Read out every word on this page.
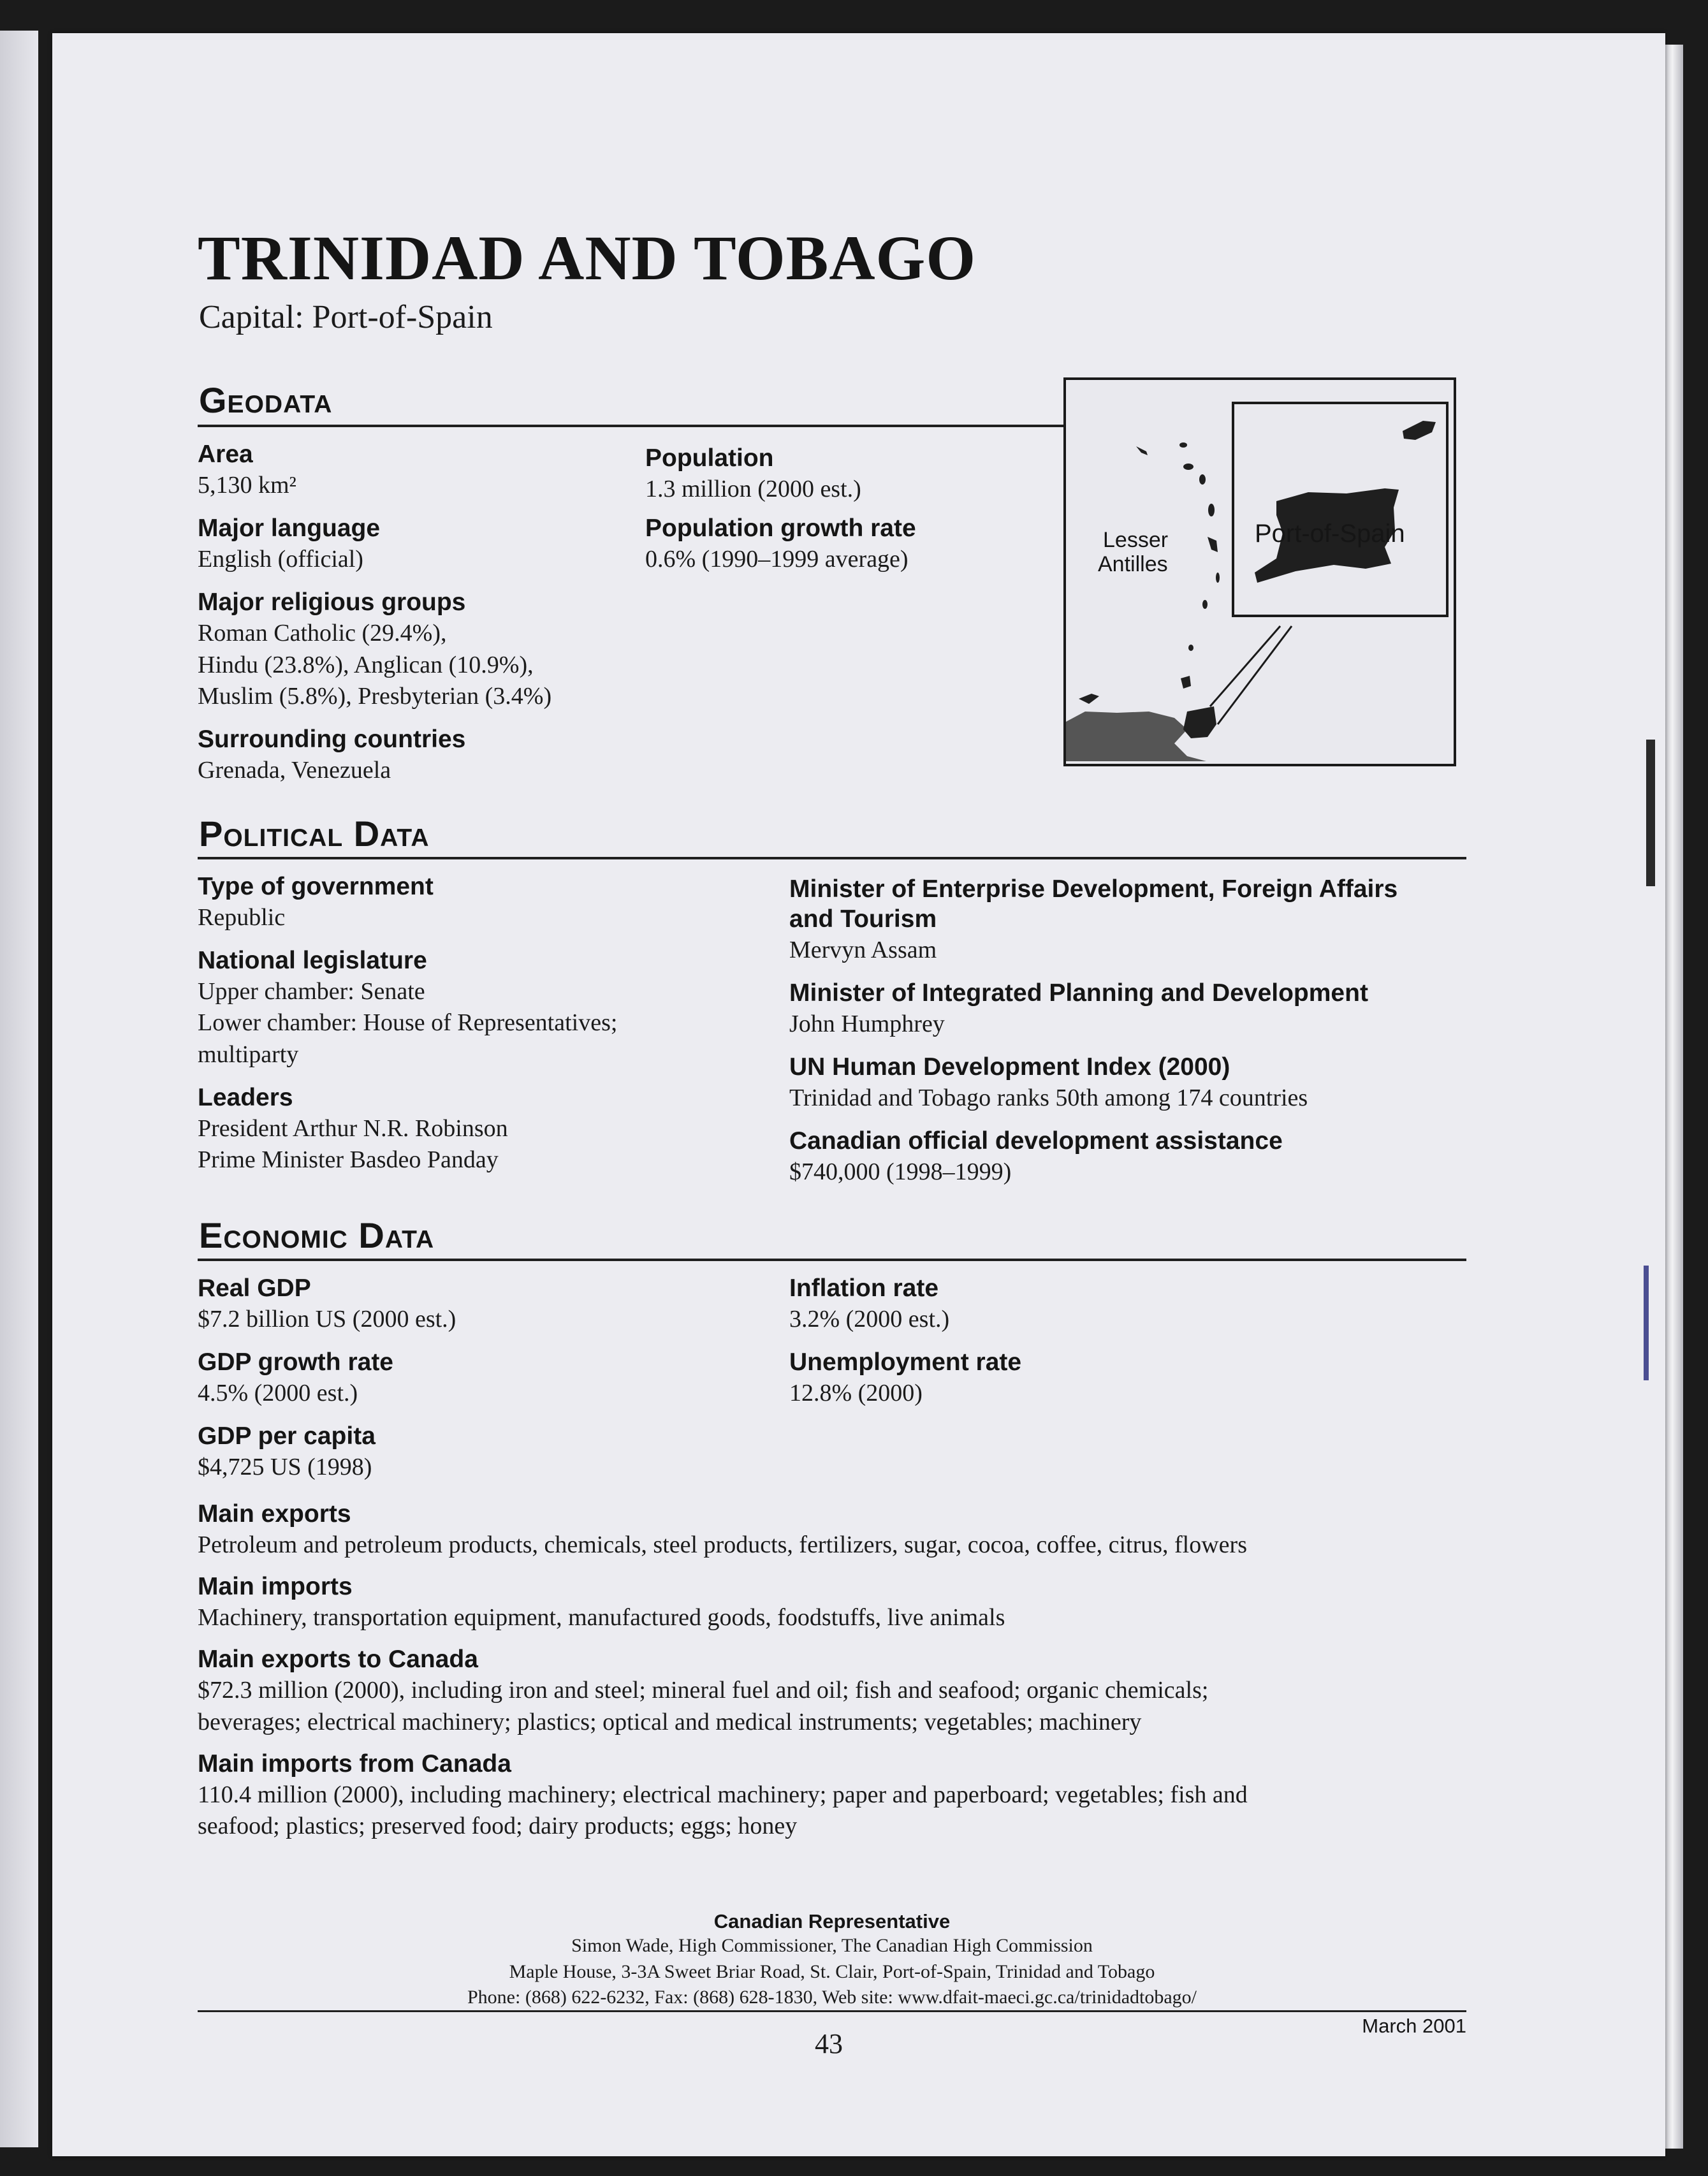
TRINIDAD AND TOBAGO
Capital: Port-of-Spain
Geodata
Area
5,130 km²
Major language
English (official)
Major religious groups
Roman Catholic (29.4%),
Hindu (23.8%), Anglican (10.9%),
Muslim (5.8%), Presbyterian (3.4%)
Surrounding countries
Grenada, Venezuela
Population
1.3 million (2000 est.)
Population growth rate
0.6% (1990–1999 average)
Lesser
Antilles
Port-of-Spain
Political Data
Type of government
Republic
National legislature
Upper chamber: Senate
Lower chamber: House of Representatives;
multiparty
Leaders
President Arthur N.R. Robinson
Prime Minister Basdeo Panday
Minister of Enterprise Development, Foreign Affairs
and Tourism
Mervyn Assam
Minister of Integrated Planning and Development
John Humphrey
UN Human Development Index (2000)
Trinidad and Tobago ranks 50th among 174 countries
Canadian official development assistance
$740,000 (1998–1999)
Economic Data
Real GDP
$7.2 billion US (2000 est.)
GDP growth rate
4.5% (2000 est.)
GDP per capita
$4,725 US (1998)
Inflation rate
3.2% (2000 est.)
Unemployment rate
12.8% (2000)
Main exports
Petroleum and petroleum products, chemicals, steel products, fertilizers, sugar, cocoa, coffee, citrus, flowers
Main imports
Machinery, transportation equipment, manufactured goods, foodstuffs, live animals
Main exports to Canada
$72.3 million (2000), including iron and steel; mineral fuel and oil; fish and seafood; organic chemicals;
beverages; electrical machinery; plastics; optical and medical instruments; vegetables; machinery
Main imports from Canada
110.4 million (2000), including machinery; electrical machinery; paper and paperboard; vegetables; fish and
seafood; plastics; preserved food; dairy products; eggs; honey
Canadian Representative
Simon Wade, High Commissioner, The Canadian High Commission
Maple House, 3-3A Sweet Briar Road, St. Clair, Port-of-Spain, Trinidad and Tobago
Phone: (868) 622-6232, Fax: (868) 628-1830, Web site: www.dfait-maeci.gc.ca/trinidadtobago/
43
March 2001
